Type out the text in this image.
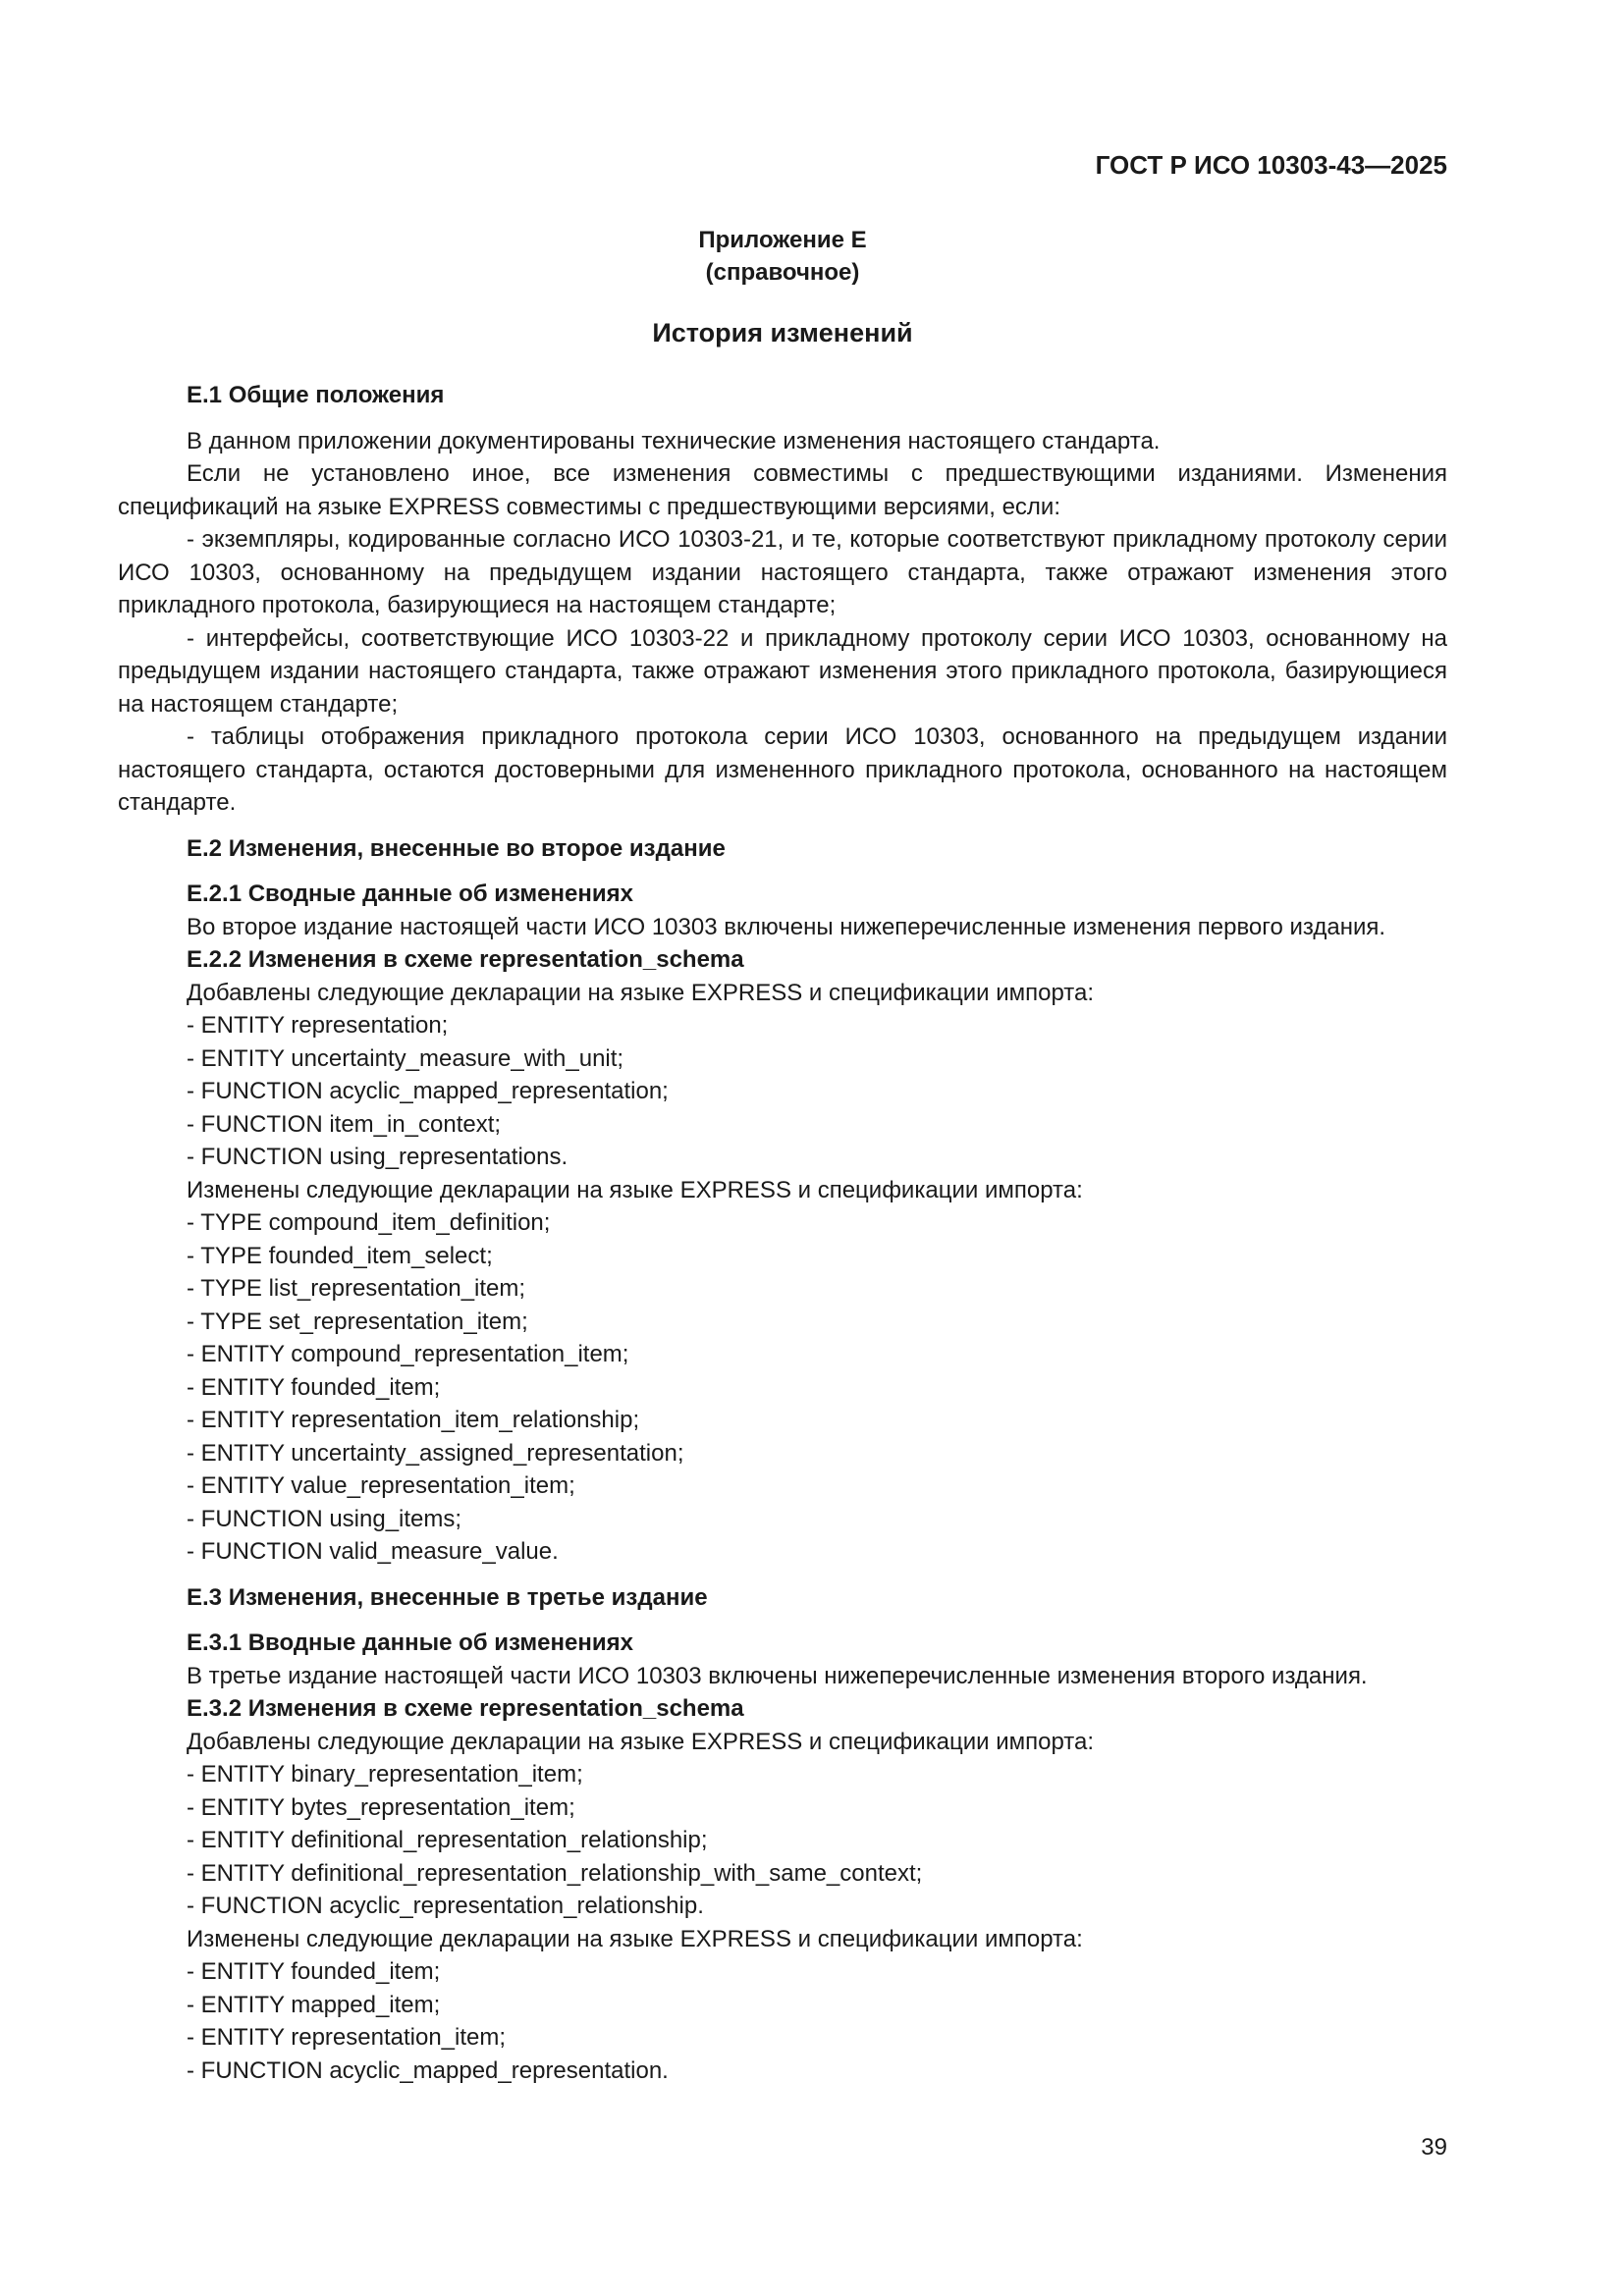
ГОСТ Р ИСО 10303-43—2025
Приложение Е
(справочное)
История изменений

Е.1 Общие положения

В данном приложении документированы технические изменения настоящего стандарта.

Если не установлено иное, все изменения совместимы с предшествующими изданиями. Изменения спецификаций на языке EXPRESS совместимы с предшествующими версиями, если:

- экземпляры, кодированные согласно ИСО 10303-21, и те, которые соответствуют прикладному протоколу серии ИСО 10303, основанному на предыдущем издании настоящего стандарта, также отражают изменения этого прикладного протокола, базирующиеся на настоящем стандарте;

- интерфейсы, соответствующие ИСО 10303-22 и прикладному протоколу серии ИСО 10303, основанному на предыдущем издании настоящего стандарта, также отражают изменения этого прикладного протокола, базирующиеся на настоящем стандарте;

- таблицы отображения прикладного протокола серии ИСО 10303, основанного на предыдущем издании настоящего стандарта, остаются достоверными для измененного прикладного протокола, основанного на настоящем стандарте.

Е.2 Изменения, внесенные во второе издание

Е.2.1 Сводные данные об изменениях

Во второе издание настоящей части ИСО 10303 включены нижеперечисленные изменения первого издания.

Е.2.2 Изменения в схеме representation_schema

Добавлены следующие декларации на языке EXPRESS и спецификации импорта:

- ENTITY representation;
- ENTITY uncertainty_measure_with_unit;
- FUNCTION acyclic_mapped_representation;
- FUNCTION item_in_context;
- FUNCTION using_representations.

Изменены следующие декларации на языке EXPRESS и спецификации импорта:

- TYPE compound_item_definition;
- TYPE founded_item_select;
- TYPE list_representation_item;
- TYPE set_representation_item;
- ENTITY compound_representation_item;
- ENTITY founded_item;
- ENTITY representation_item_relationship;
- ENTITY uncertainty_assigned_representation;
- ENTITY value_representation_item;
- FUNCTION using_items;
- FUNCTION valid_measure_value.

Е.3 Изменения, внесенные в третье издание

Е.3.1 Вводные данные об изменениях

В третье издание настоящей части ИСО 10303 включены нижеперечисленные изменения второго издания.

Е.3.2 Изменения в схеме representation_schema

Добавлены следующие декларации на языке EXPRESS и спецификации импорта:

- ENTITY binary_representation_item;
- ENTITY bytes_representation_item;
- ENTITY definitional_representation_relationship;
- ENTITY definitional_representation_relationship_with_same_context;
- FUNCTION acyclic_representation_relationship.

Изменены следующие декларации на языке EXPRESS и спецификации импорта:

- ENTITY founded_item;
- ENTITY mapped_item;
- ENTITY representation_item;
- FUNCTION acyclic_mapped_representation.
39
